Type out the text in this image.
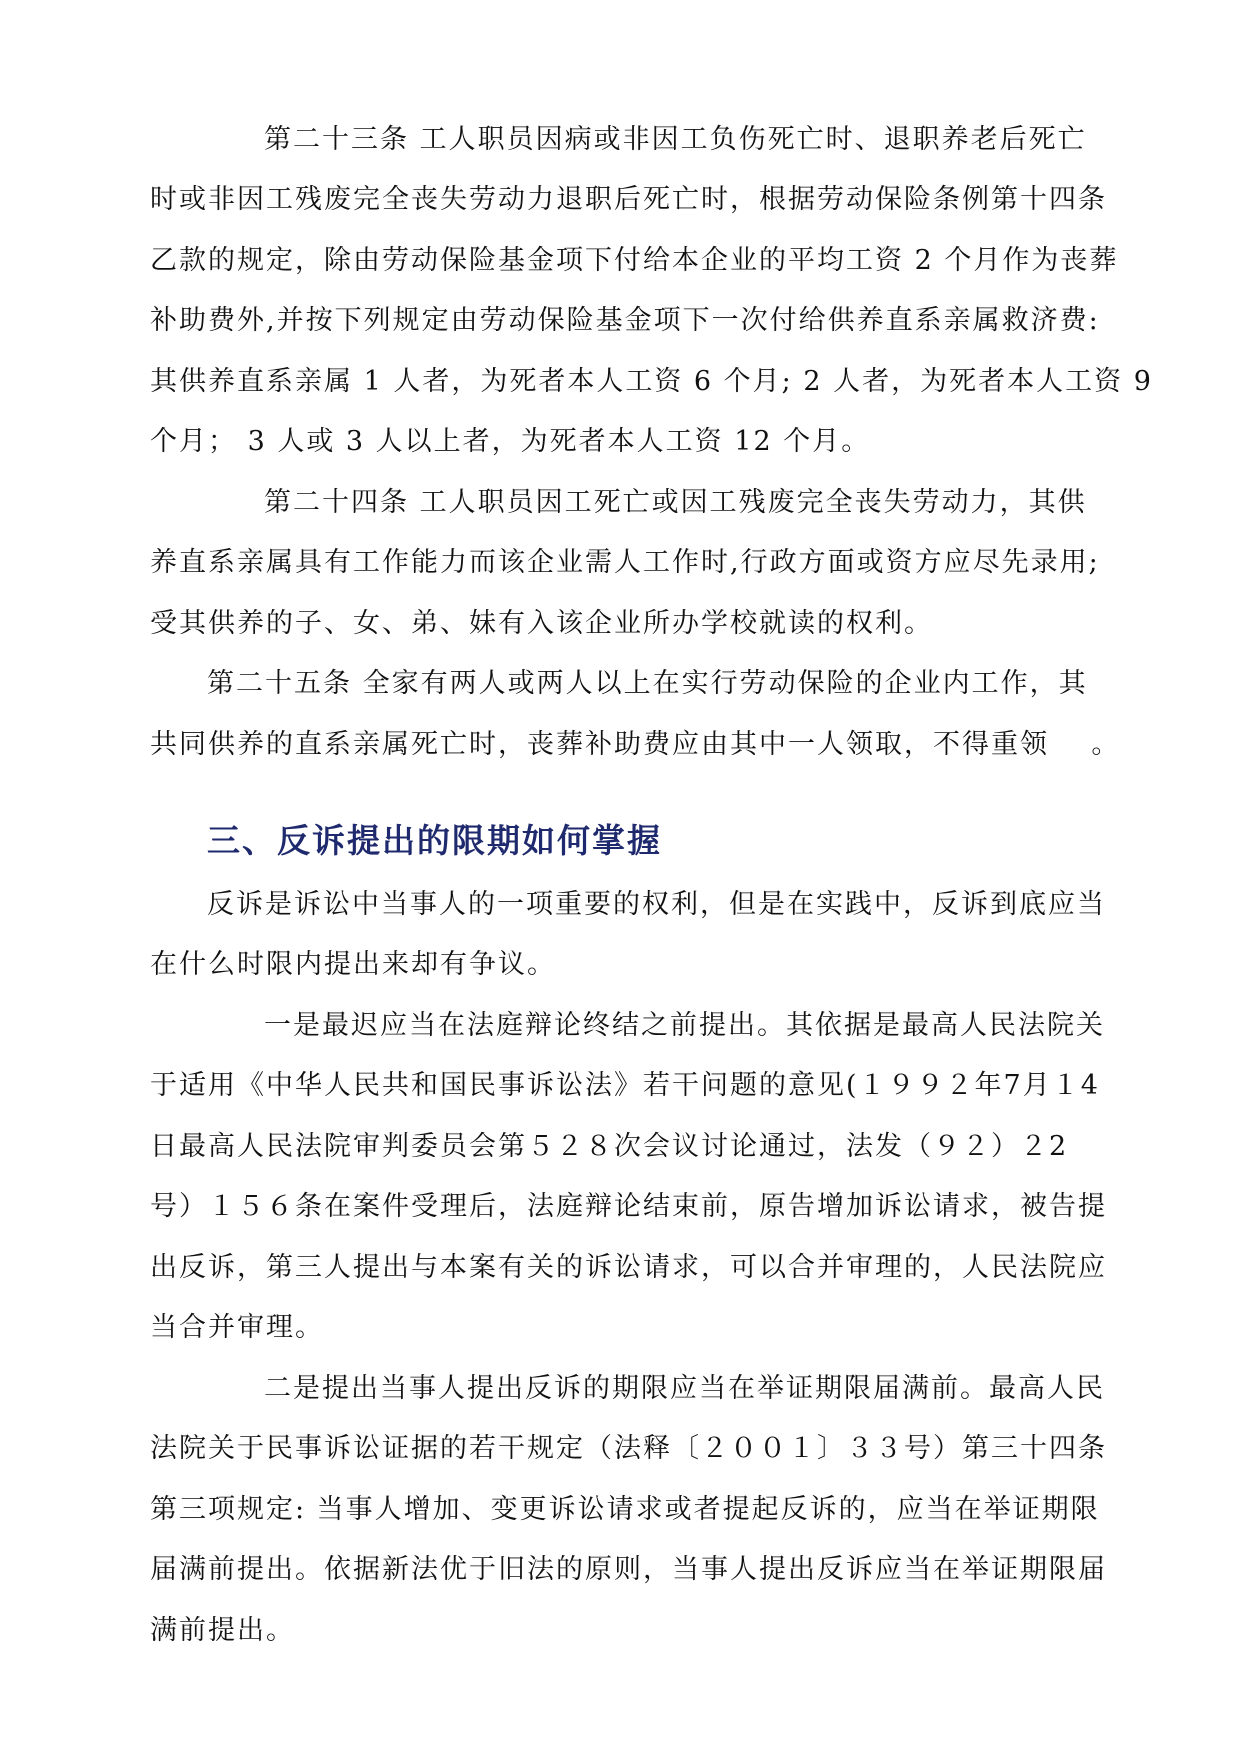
第二十三条 工人职员因病或非因工负伤死亡时、退职养老后死亡
时或非因工残废完全丧失劳动力退职后死亡时，根据劳动保险条例第十四条
乙款的规定，除由劳动保险基金项下付给本企业的平均工资 2 个月作为丧葬
补助费外,并按下列规定由劳动保险基金项下一次付给供养直系亲属救济费:
其供养直系亲属 1 人者，为死者本人工资 6 个月; 2 人者，为死者本人工资 9
个月； 3 人或 3 人以上者，为死者本人工资 12 个月。
第二十四条 工人职员因工死亡或因工残废完全丧失劳动力，其供
养直系亲属具有工作能力而该企业需人工作时,行政方面或资方应尽先录用;
受其供养的子、女、弟、妹有入该企业所办学校就读的权利。
第二十五条 全家有两人或两人以上在实行劳动保险的企业内工作，其
共同供养的直系亲属死亡时，丧葬补助费应由其中一人领取，不得重领    。
三、反诉提出的限期如何掌握
反诉是诉讼中当事人的一项重要的权利，但是在实践中，反诉到底应当
在什么时限内提出来却有争议。
一是最迟应当在法庭辩论终结之前提出。其依据是最高人民法院关
于适用《中华人民共和国民事诉讼法》若干问题的意见(１９９２年7月１4
日最高人民法院审判委员会第５２８次会议讨论通过，法发（９２）２2
号）１５６条在案件受理后，法庭辩论结束前，原告增加诉讼请求，被告提
出反诉，第三人提出与本案有关的诉讼请求，可以合并审理的，人民法院应
当合并审理。
二是提出当事人提出反诉的期限应当在举证期限届满前。最高人民
法院关于民事诉讼证据的若干规定（法释〔２００１〕３３号）第三十四条
第三项规定: 当事人增加、变更诉讼请求或者提起反诉的，应当在举证期限
届满前提出。依据新法优于旧法的原则，当事人提出反诉应当在举证期限届
满前提出。
